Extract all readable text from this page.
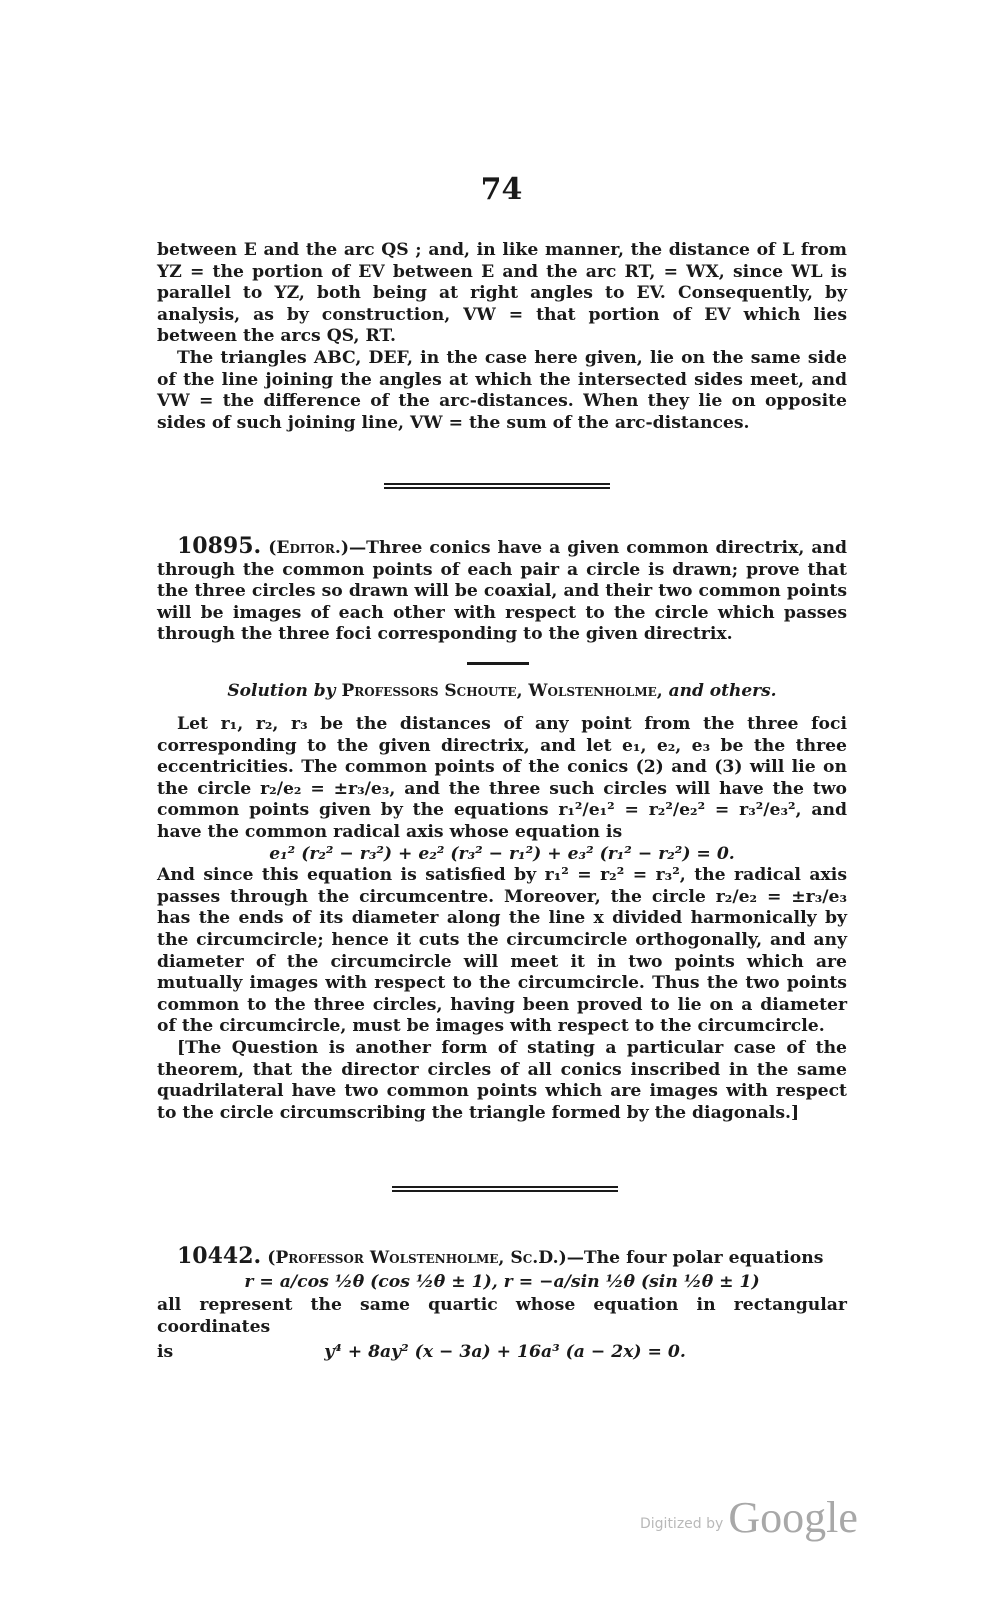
74

between E and the arc QS ; and, in like manner, the distance of L from YZ = the portion of EV between E and the arc RT, = WX, since WL is parallel to YZ, both being at right angles to EV. Consequently, by analysis, as by construction, VW = that portion of EV which lies between the arcs QS, RT.

The triangles ABC, DEF, in the case here given, lie on the same side of the line joining the angles at which the intersected sides meet, and VW = the difference of the arc-distances. When they lie on opposite sides of such joining line, VW = the sum of the arc-distances.

10895. (Editor.)—Three conics have a given common directrix, and through the common points of each pair a circle is drawn; prove that the three circles so drawn will be coaxial, and their two common points will be images of each other with respect to the circle which passes through the three foci corresponding to the given directrix.

Solution by Professors Schoute, Wolstenholme, and others.

Let r₁, r₂, r₃ be the distances of any point from the three foci corresponding to the given directrix, and let e₁, e₂, e₃ be the three eccentricities. The common points of the conics (2) and (3) will lie on the circle r₂/e₂ = ±r₃/e₃, and the three such circles will have the two common points given by the equations r₁²/e₁² = r₂²/e₂² = r₃²/e₃², and have the common radical axis whose equation is

e₁² (r₂² − r₃²) + e₂² (r₃² − r₁²) + e₃² (r₁² − r₂²) = 0.

And since this equation is satisfied by r₁² = r₂² = r₃², the radical axis passes through the circumcentre. Moreover, the circle r₂/e₂ = ±r₃/e₃ has the ends of its diameter along the line x divided harmonically by the circumcircle; hence it cuts the circumcircle orthogonally, and any diameter of the circumcircle will meet it in two points which are mutually images with respect to the circumcircle. Thus the two points common to the three circles, having been proved to lie on a diameter of the circumcircle, must be images with respect to the circumcircle.

[The Question is another form of stating a particular case of the theorem, that the director circles of all conics inscribed in the same quadrilateral have two common points which are images with respect to the circle circumscribing the triangle formed by the diagonals.]

10442. (Professor Wolstenholme, Sc.D.)—The four polar equations

r = a/cos ½θ (cos ½θ ± 1), r = −a/sin ½θ (sin ½θ ± 1)

all represent the same quartic whose equation in rectangular coordinates

is	y⁴ + 8ay² (x − 3a) + 16a³ (a − 2x) = 0.

Digitized by Google
